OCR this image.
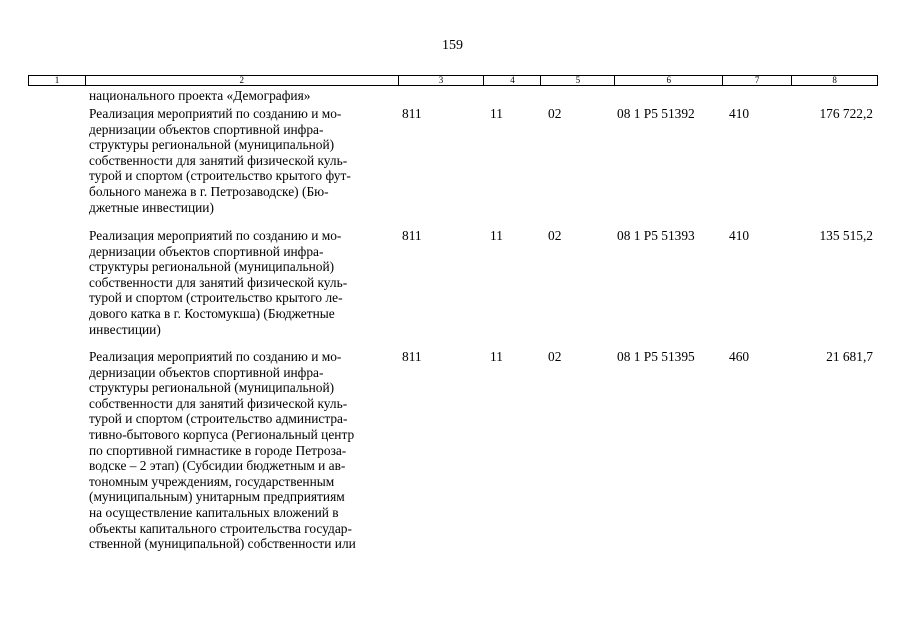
159
1	2	3	4	5	6	7	8
национального проекта «Демография»
Реализация мероприятий по созданию и мо-
дернизации объектов спортивной инфра-
структуры региональной (муниципальной)
собственности для занятий физической куль-
турой и спортом (строительство крытого фут-
больного манежа в г. Петрозаводске) (Бю-
джетные инвестиции)
811	11	02	08 1 P5 51392	410	176 722,2
Реализация мероприятий по созданию и мо-
дернизации объектов спортивной инфра-
структуры региональной (муниципальной)
собственности для занятий физической куль-
турой и спортом (строительство крытого ле-
дового катка в г. Костомукша) (Бюджетные
инвестиции)
811	11	02	08 1 P5 51393	410	135 515,2
Реализация мероприятий по созданию и мо-
дернизации объектов спортивной инфра-
структуры региональной (муниципальной)
собственности для занятий физической куль-
турой и спортом (строительство администра-
тивно-бытового корпуса (Региональный центр
по спортивной гимнастике в городе Петроза-
водске – 2 этап) (Субсидии бюджетным и ав-
тономным учреждениям, государственным
(муниципальным) унитарным предприятиям
на осуществление капитальных вложений в
объекты капитального строительства государ-
ственной (муниципальной) собственности или
811	11	02	08 1 P5 51395	460	21 681,7
